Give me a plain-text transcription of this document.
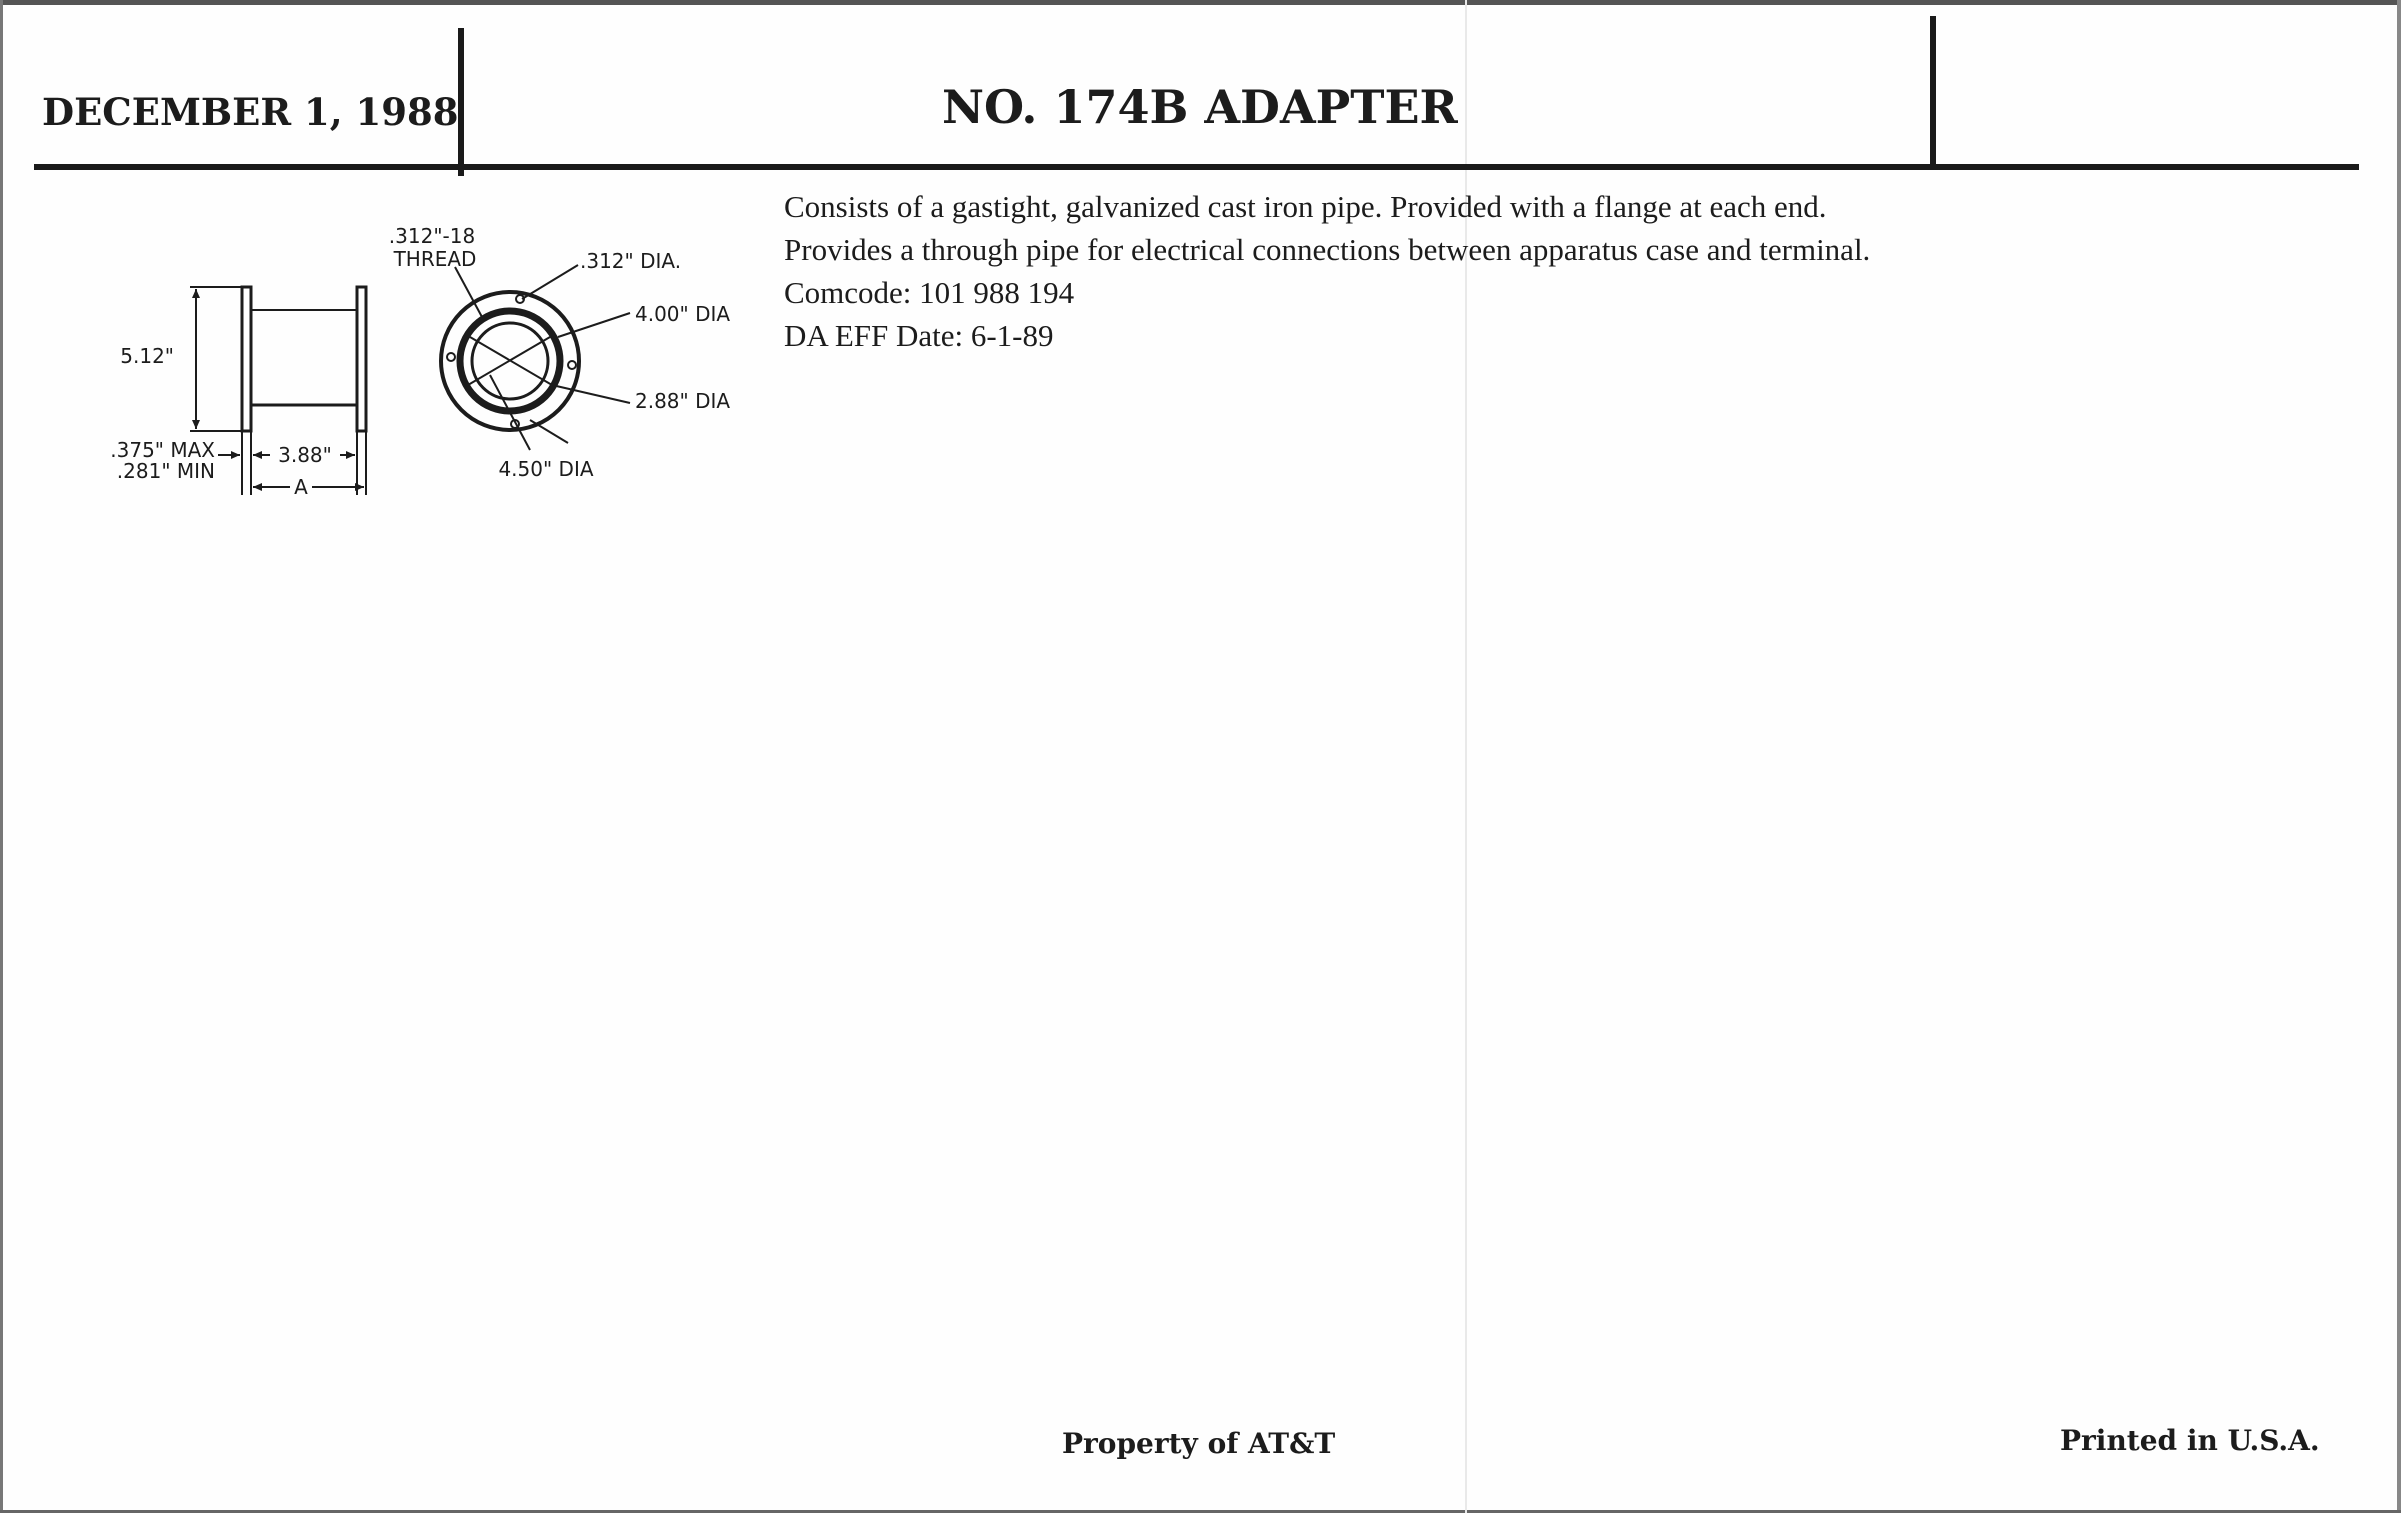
DECEMBER 1, 1988	NO. 174B ADAPTER
5.12"
.375" MAX
.281" MIN
3.88"
A
.312"-18
THREAD	.312" DIA.
4.00" DIA
2.88" DIA
4.50" DIA
Consists of a gastight, galvanized cast iron pipe. Provided with a flange at each end.
Provides a through pipe for electrical connections between apparatus case and terminal.
Comcode: 101 988 194
DA EFF Date: 6-1-89
Property of AT&T	Printed in U.S.A.
